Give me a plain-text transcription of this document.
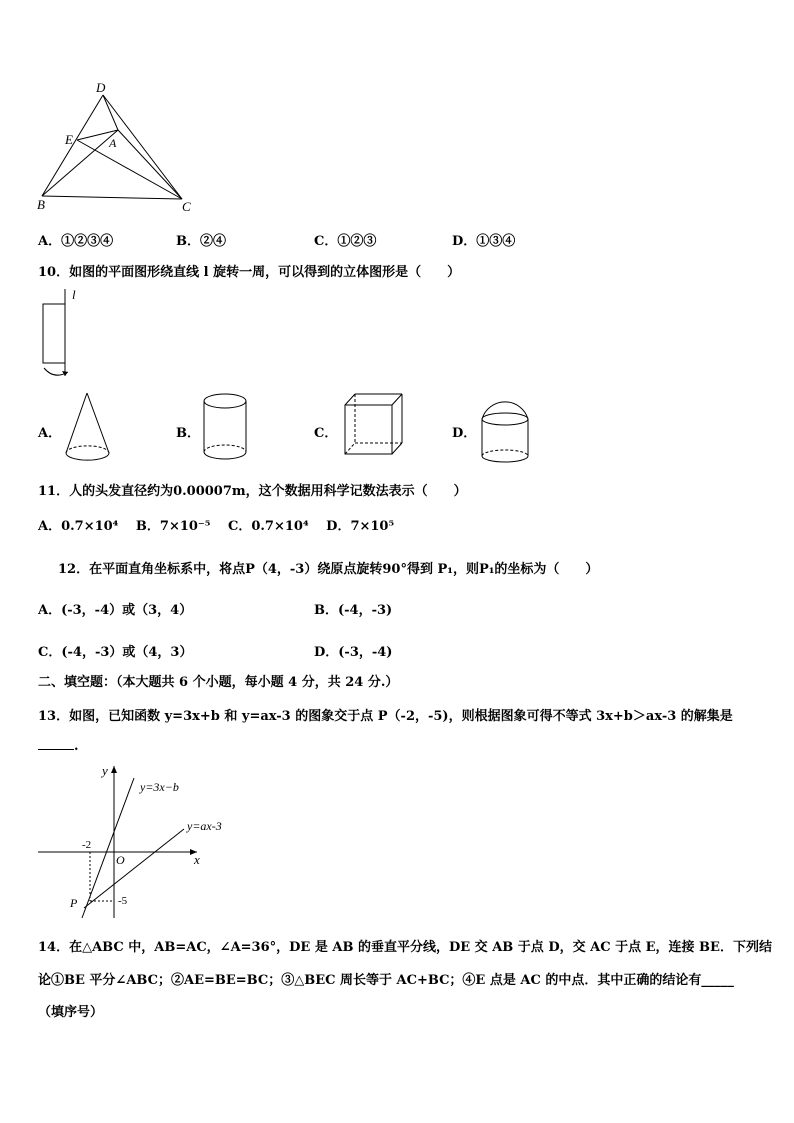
D
E	A
B	C
A．①②③④	B．②④	C．①②③	D．①③④
10．如图的平面图形绕直线 l 旋转一周，可以得到的立体图形是（　　）
l
A．	B．	C．	D．
11．人的头发直径约为0.00007m，这个数据用科学记数法表示（　　）
A．0.7×10⁴　 B．7×10⁻⁵　 C．0.7×10⁴　 D．7×10⁵
12．在平面直角坐标系中，将点P（4，-3）绕原点旋转90°得到 P₁，则P₁的坐标为（　　）
A．(-3，-4）或（3，4）	B．(-4，-3)
C．(-4，-3）或（4，3）	D．(-3，-4)
二、填空题：（本大题共 6 个小题，每小题 4 分，共 24 分.）
13．如图，已知函数 y=3x+b 和 y=ax-3 的图象交于点 P（-2，-5)，则根据图象可得不等式 3x+b＞ax-3 的解集是
.
y
x
O
y=3x−b
y=ax-3
-2
-5
P
14．在△ABC 中，AB=AC，∠A=36°，DE 是 AB 的垂直平分线，DE 交 AB 于点 D，交 AC 于点 E，连接 BE．下列结
论①BE 平分∠ABC；②AE=BE=BC；③△BEC 周长等于 AC+BC；④E 点是 AC 的中点．其中正确的结论有_____
（填序号）
